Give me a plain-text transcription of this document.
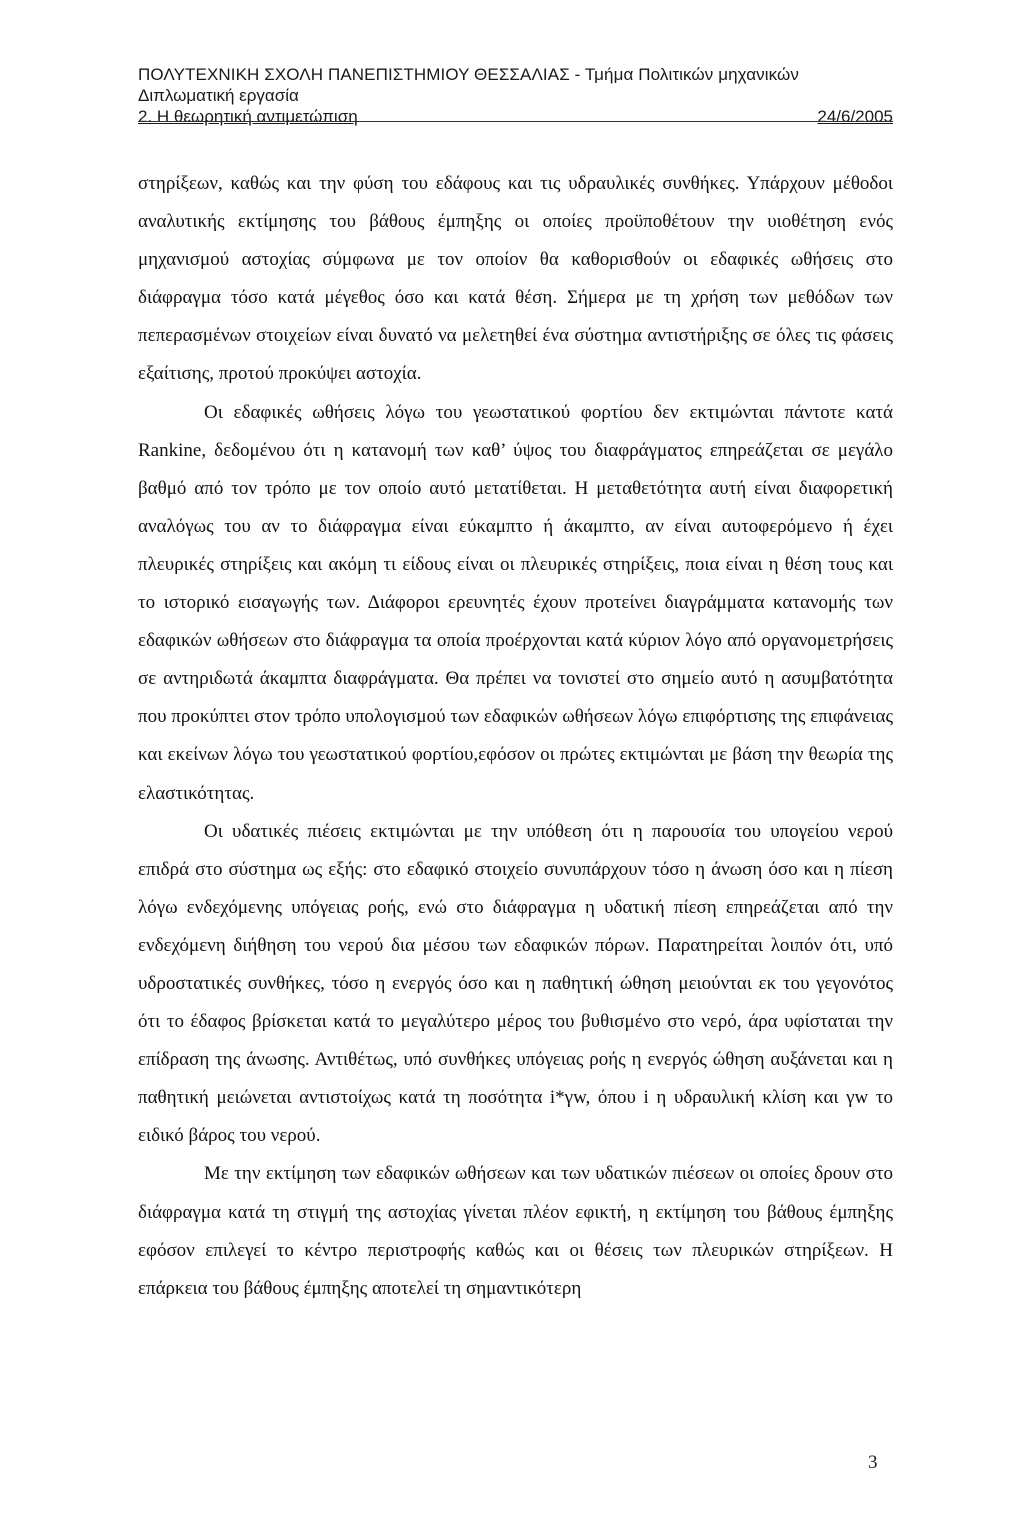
ΠΟΛΥΤΕΧΝΙΚΗ ΣΧΟΛΗ ΠΑΝΕΠΙΣΤΗΜΙΟΥ ΘΕΣΣΑΛΙΑΣ - Τμήμα Πολιτικών μηχανικών
Διπλωματική εργασία
2. Η θεωρητική αντιμετώπιση	24/6/2005

στηρίξεων, καθώς και την φύση του εδάφους και τις υδραυλικές συνθήκες. Υπάρχουν μέθοδοι αναλυτικής εκτίμησης του βάθους έμπηξης οι οποίες προϋποθέτουν την υιοθέτηση ενός μηχανισμού αστοχίας σύμφωνα με τον οποίον θα καθορισθούν οι εδαφικές ωθήσεις στο διάφραγμα τόσο κατά μέγεθος όσο και κατά θέση. Σήμερα με τη χρήση των μεθόδων των πεπερασμένων στοιχείων είναι δυνατό να μελετηθεί ένα σύστημα αντιστήριξης σε όλες τις φάσεις εξαίτισης, προτού προκύψει αστοχία.

Οι εδαφικές ωθήσεις λόγω του γεωστατικού φορτίου δεν εκτιμώνται πάντοτε κατά Rankine, δεδομένου ότι η κατανομή των καθ’ ύψος του διαφράγματος επηρεάζεται σε μεγάλο βαθμό από τον τρόπο με τον οποίο αυτό μετατίθεται. Η μεταθετότητα αυτή είναι διαφορετική αναλόγως του αν το διάφραγμα είναι εύκαμπτο ή άκαμπτο, αν είναι αυτοφερόμενο ή έχει πλευρικές στηρίξεις και ακόμη τι είδους είναι οι πλευρικές στηρίξεις, ποια είναι η θέση τους και το ιστορικό εισαγωγής των. Διάφοροι ερευνητές έχουν προτείνει διαγράμματα κατανομής των εδαφικών ωθήσεων στο διάφραγμα τα οποία προέρχονται κατά κύριον λόγο από οργανομετρήσεις σε αντηριδωτά άκαμπτα διαφράγματα. Θα πρέπει να τονιστεί στο σημείο αυτό η ασυμβατότητα που προκύπτει στον τρόπο υπολογισμού των εδαφικών ωθήσεων λόγω επιφόρτισης της επιφάνειας και εκείνων λόγω του γεωστατικού φορτίου,εφόσον οι πρώτες εκτιμώνται με βάση την θεωρία της ελαστικότητας.

Οι υδατικές πιέσεις εκτιμώνται με την υπόθεση ότι η παρουσία του υπογείου νερού επιδρά στο σύστημα ως εξής: στο εδαφικό στοιχείο συνυπάρχουν τόσο η άνωση όσο και η πίεση λόγω ενδεχόμενης υπόγειας ροής, ενώ στο διάφραγμα η υδατική πίεση επηρεάζεται από την ενδεχόμενη διήθηση του νερού δια μέσου των εδαφικών πόρων. Παρατηρείται λοιπόν ότι, υπό υδροστατικές συνθήκες, τόσο η ενεργός όσο και η παθητική ώθηση μειούνται εκ του γεγονότος ότι το έδαφος βρίσκεται κατά το μεγαλύτερο μέρος του βυθισμένο στο νερό, άρα υφίσταται την επίδραση της άνωσης. Αντιθέτως, υπό συνθήκες υπόγειας ροής η ενεργός ώθηση αυξάνεται και η παθητική μειώνεται αντιστοίχως κατά τη ποσότητα i*γw, όπου i η υδραυλική κλίση και γw το ειδικό βάρος του νερού.

Με την εκτίμηση των εδαφικών ωθήσεων και των υδατικών πιέσεων οι οποίες δρουν στο διάφραγμα κατά τη στιγμή της αστοχίας γίνεται πλέον εφικτή, η εκτίμηση του βάθους έμπηξης εφόσον επιλεγεί το κέντρο περιστροφής καθώς και οι θέσεις των πλευρικών στηρίξεων. Η επάρκεια του βάθους έμπηξης αποτελεί τη σημαντικότερη

3
